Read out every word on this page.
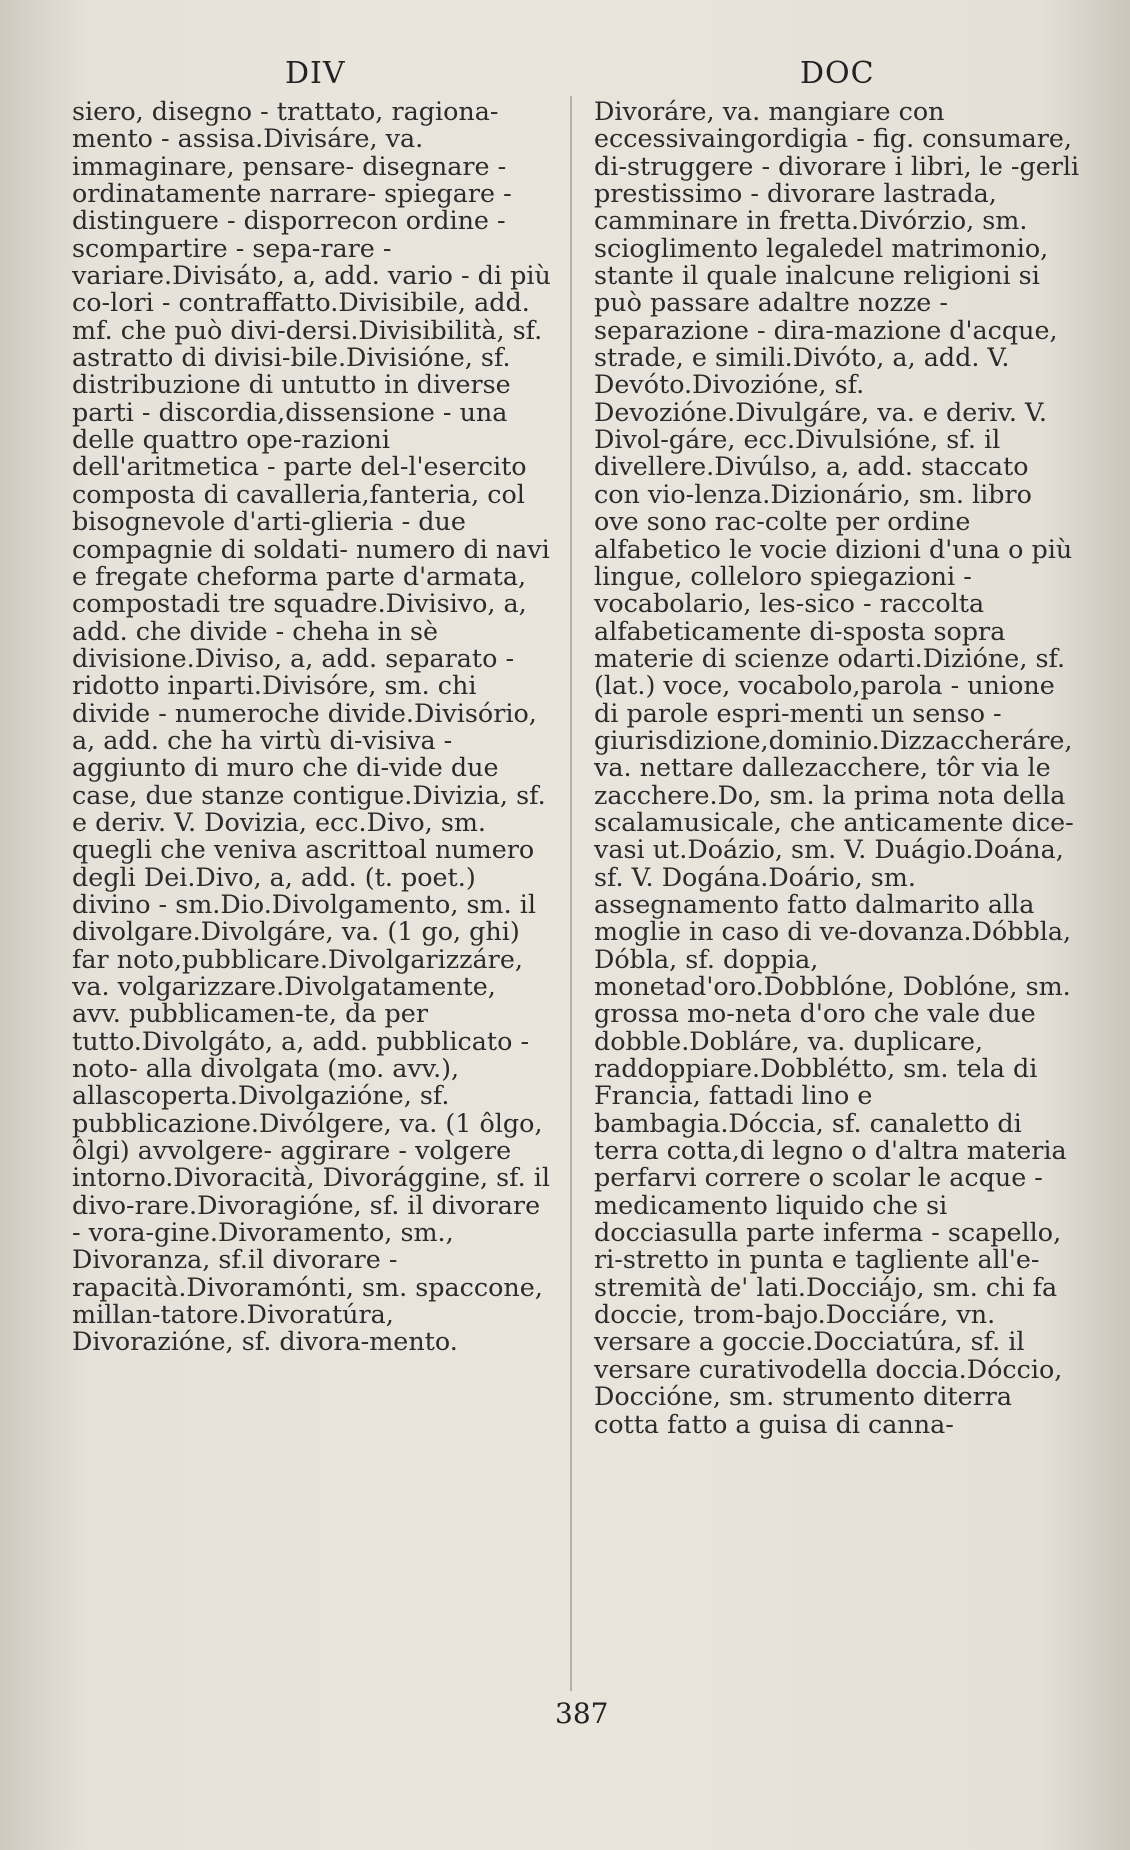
DIV	DOC
siero, disegno - trattato, ragiona-mento - assisa.Divisáre, va. immaginare, pensare- disegnare - ordinatamente narrare- spiegare - distinguere - disporrecon ordine - scompartire - sepa-rare - variare.Divisáto, a, add. vario - di più co-lori - contraffatto.Divisibile, add. mf. che può divi-dersi.Divisibilità, sf. astratto di divisi-bile.Divisióne, sf. distribuzione di untutto in diverse parti - discordia,dissensione - una delle quattro ope-razioni dell'aritmetica - parte del-l'esercito composta di cavalleria,fanteria, col bisognevole d'arti-glieria - due compagnie di soldati- numero di navi e fregate cheforma parte d'armata, compostadi tre squadre.Divisivo, a, add. che divide - cheha in sè divisione.Diviso, a, add. separato - ridotto inparti.Divisóre, sm. chi divide - numeroche divide.Divisório, a, add. che ha virtù di-visiva - aggiunto di muro che di-vide due case, due stanze contigue.Divizia, sf. e deriv. V. Dovizia, ecc.Divo, sm. quegli che veniva ascrittoal numero degli Dei.Divo, a, add. (t. poet.) divino - sm.Dio.Divolgamento, sm. il divolgare.Divolgáre, va. (1 go, ghi) far noto,pubblicare.Divolgarizzáre, va. volgarizzare.Divolgatamente, avv. pubblicamen-te, da per tutto.Divolgáto, a, add. pubblicato - noto- alla divolgata (mo. avv.), allascoperta.Divolgazióne, sf. pubblicazione.Divólgere, va. (1 ôlgo, ôlgi) avvolgere- aggirare - volgere intorno.Divoracità, Divorággine, sf. il divo-rare.Divoragióne, sf. il divorare - vora-gine.Divoramento, sm., Divoranza, sf.il divorare - rapacità.Divoramónti, sm. spaccone, millan-tatore.Divoratúra, Divorazióne, sf. divora-mento.
Divoráre, va. mangiare con eccessivaingordigia - fig. consumare, di-struggere - divorare i libri, le -gerli prestissimo - divorare lastrada, camminare in fretta.Divórzio, sm. scioglimento legaledel matrimonio, stante il quale inalcune religioni si può passare adaltre nozze - separazione - dira-mazione d'acque, strade, e simili.Divóto, a, add. V. Devóto.Divozióne, sf. Devozióne.Divulgáre, va. e deriv. V. Divol-gáre, ecc.Divulsióne, sf. il divellere.Divúlso, a, add. staccato con vio-lenza.Dizionário, sm. libro ove sono rac-colte per ordine alfabetico le vocie dizioni d'una o più lingue, colleloro spiegazioni - vocabolario, les-sico - raccolta alfabeticamente di-sposta sopra materie di scienze odarti.Dizióne, sf. (lat.) voce, vocabolo,parola - unione di parole espri-menti un senso - giurisdizione,dominio.Dizzaccheráre, va. nettare dallezacchere, tôr via le zacchere.Do, sm. la prima nota della scalamusicale, che anticamente dice-vasi ut.Doázio, sm. V. Duágio.Doána, sf. V. Dogána.Doário, sm. assegnamento fatto dalmarito alla moglie in caso di ve-dovanza.Dóbbla, Dóbla, sf. doppia, monetad'oro.Dobblóne, Doblóne, sm. grossa mo-neta d'oro che vale due dobble.Dobláre, va. duplicare, raddoppiare.Dobblétto, sm. tela di Francia, fattadi lino e bambagia.Dóccia, sf. canaletto di terra cotta,di legno o d'altra materia perfarvi correre o scolar le acque -medicamento liquido che si docciasulla parte inferma - scapello, ri-stretto in punta e tagliente all'e-stremità de' lati.Docciájo, sm. chi fa doccie, trom-bajo.Docciáre, vn. versare a goccie.Docciatúra, sf. il versare curativodella doccia.Dóccio, Doccióne, sm. strumento diterra cotta fatto a guisa di canna-
387
